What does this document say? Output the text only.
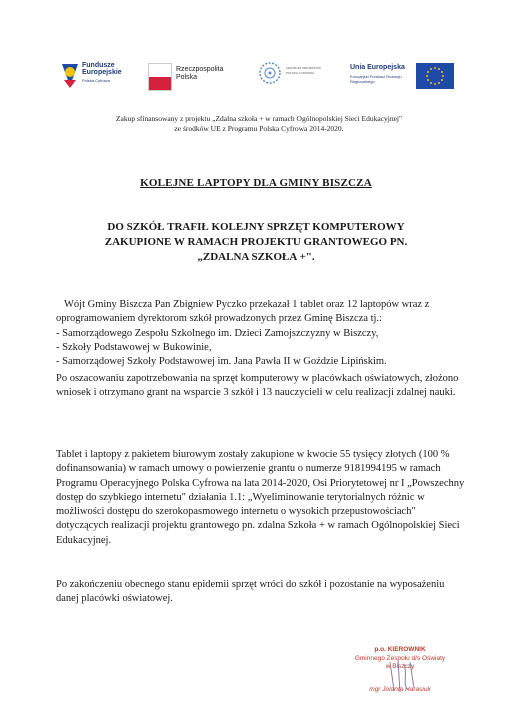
Fundusze
Europejskie
Polska Cyfrowa
Rzeczpospolita
Polska
CENTRUM PROJEKTÓW POLSKA CYFROWA
Unia Europejska
Europejski Fundusz Rozwoju Regionalnego
Zakup sfinansowany z projektu „Zdalna szkoła + w ramach Ogólnopolskiej Sieci Edukacyjnej"
ze środków UE z Programu Polska Cyfrowa 2014-2020.
KOLEJNE LAPTOPY DLA GMINY BISZCZA
DO SZKÓŁ TRAFIŁ KOLEJNY SPRZĘT KOMPUTEROWY
ZAKUPIONE W RAMACH PROJEKTU GRANTOWEGO PN.
„ZDALNA SZKOŁA +".
Wójt Gminy Biszcza Pan Zbigniew Pyczko przekazał 1 tablet oraz 12 laptopów wraz z oprogramowaniem dyrektorom szkół prowadzonych przez Gminę Biszcza tj.:
- Samorządowego Zespołu Szkolnego im. Dzieci Zamojszczyzny w Biszczy,
- Szkoły Podstawowej w Bukowinie,
- Samorządowej Szkoły Podstawowej im. Jana Pawła II w Goździe Lipińskim.
Po oszacowaniu zapotrzebowania na sprzęt komputerowy w placówkach oświatowych, złożono wniosek i otrzymano grant na wsparcie 3 szkół i 13 nauczycieli w celu realizacji zdalnej nauki.
Tablet i laptopy z pakietem biurowym zostały zakupione w kwocie 55 tysięcy złotych (100 % dofinansowania) w ramach umowy o powierzenie grantu o numerze 9181994195 w ramach Programu Operacyjnego Polska Cyfrowa na lata 2014-2020, Osi Priorytetowej nr I „Powszechny dostęp do szybkiego internetu" działania 1.1: „Wyeliminowanie terytorialnych różnic w możliwości dostępu do szerokopasmowego internetu o wysokich przepustowościach" dotyczących realizacji projektu grantowego pn. zdalna Szkoła + w ramach Ogólnopolskiej Sieci Edukacyjnej.
Po zakończeniu obecnego stanu epidemii sprzęt wróci do szkół i pozostanie na wyposażeniu danej placówki oświatowej.
p.o. KIEROWNIK
Gminnego Zespołu d/s Oświaty
w Biszczy
mgr Jolanta Harasiuk
